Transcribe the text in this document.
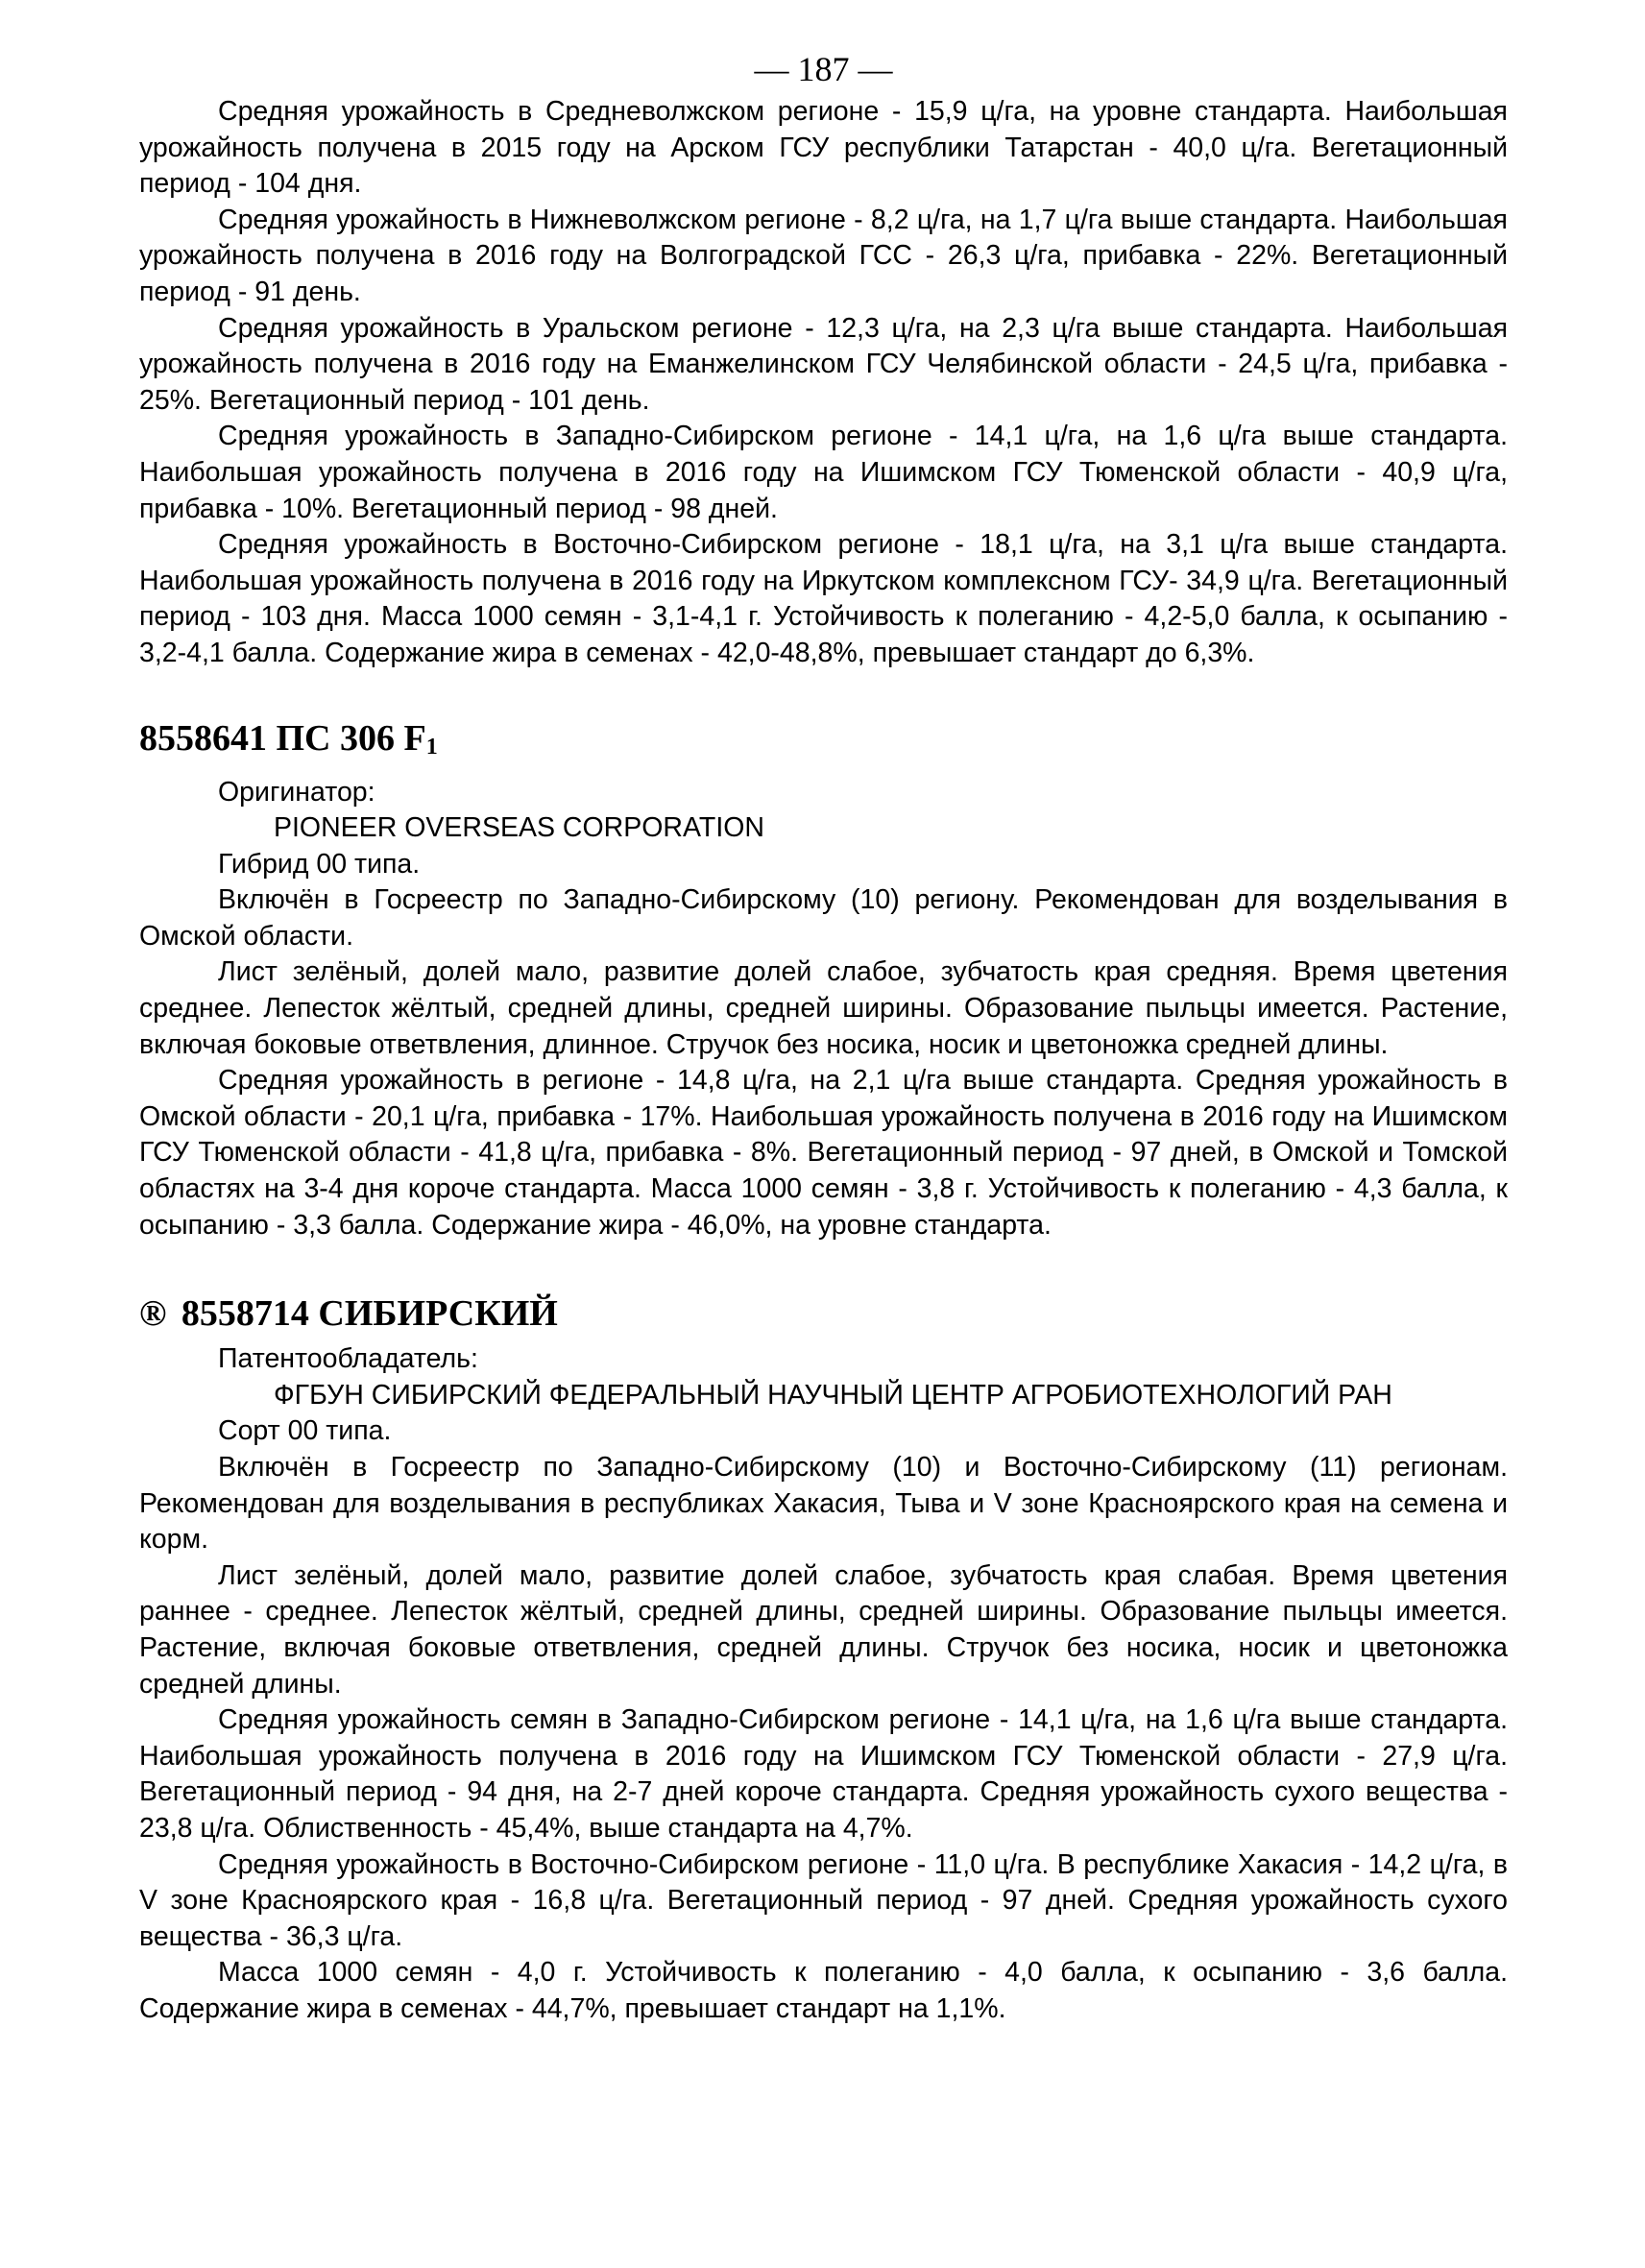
— 187 —

Средняя урожайность в Средневолжском регионе - 15,9 ц/га, на уровне стандарта. Наибольшая урожайность получена в 2015 году на Арском ГСУ республики Татарстан - 40,0 ц/га. Вегетационный период - 104 дня.

Средняя урожайность в Нижневолжском регионе - 8,2 ц/га, на 1,7 ц/га выше стандарта. Наибольшая урожайность получена в 2016 году на Волгоградской ГСС - 26,3 ц/га, прибавка - 22%. Вегетационный период - 91 день.

Средняя урожайность в Уральском регионе - 12,3 ц/га, на 2,3 ц/га выше стандарта. Наибольшая урожайность получена в 2016 году на Еманжелинском ГСУ Челябинской области - 24,5 ц/га, прибавка - 25%. Вегетационный период - 101 день.

Средняя урожайность в Западно-Сибирском регионе - 14,1 ц/га, на 1,6 ц/га выше стандарта. Наибольшая урожайность получена в 2016 году на Ишимском ГСУ Тюменской области - 40,9 ц/га, прибавка - 10%. Вегетационный период - 98 дней.

Средняя урожайность в Восточно-Сибирском регионе - 18,1 ц/га, на 3,1 ц/га выше стандарта. Наибольшая урожайность получена в 2016 году на Иркутском комплексном ГСУ- 34,9 ц/га. Вегетационный период - 103 дня. Масса 1000 семян - 3,1-4,1 г. Устойчивость к полеганию - 4,2-5,0 балла, к осыпанию - 3,2-4,1 балла. Содержание жира в семенах - 42,0-48,8%, превышает стандарт до 6,3%.

8558641 ПС 306 $F_1$

Оригинатор:

PIONEER OVERSEAS CORPORATION

Гибрид 00 типа.

Включён в Госреестр по Западно-Сибирскому (10) региону. Рекомендован для возделывания в Омской области.

Лист зелёный, долей мало, развитие долей слабое, зубчатость края средняя. Время цветения среднее. Лепесток жёлтый, средней длины, средней ширины. Образование пыльцы имеется. Растение, включая боковые ответвления, длинное. Стручок без носика, носик и цветоножка средней длины.

Средняя урожайность в регионе - 14,8 ц/га, на 2,1 ц/га выше стандарта. Средняя урожайность в Омской области - 20,1 ц/га, прибавка - 17%. Наибольшая урожайность получена в 2016 году на Ишимском ГСУ Тюменской области - 41,8 ц/га, прибавка - 8%. Вегетационный период - 97 дней, в Омской и Томской областях на 3-4 дня короче стандарта. Масса 1000 семян - 3,8 г. Устойчивость к полеганию - 4,3 балла, к осыпанию - 3,3 балла. Содержание жира - 46,0%, на уровне стандарта.

® 8558714 СИБИРСКИЙ

Патентообладатель:

ФГБУН СИБИРСКИЙ ФЕДЕРАЛЬНЫЙ НАУЧНЫЙ ЦЕНТР АГРОБИОТЕХНОЛОГИЙ РАН

Сорт 00 типа.

Включён в Госреестр по Западно-Сибирскому (10) и Восточно-Сибирскому (11) регионам. Рекомендован для возделывания в республиках Хакасия, Тыва и V зоне Красноярского края на семена и корм.

Лист зелёный, долей мало, развитие долей слабое, зубчатость края слабая. Время цветения раннее - среднее. Лепесток жёлтый, средней длины, средней ширины. Образование пыльцы имеется. Растение, включая боковые ответвления, средней длины. Стручок без носика, носик и цветоножка средней длины.

Средняя урожайность семян в Западно-Сибирском регионе - 14,1 ц/га, на 1,6 ц/га выше стандарта. Наибольшая урожайность получена в 2016 году на Ишимском ГСУ Тюменской области - 27,9 ц/га. Вегетационный период - 94 дня, на 2-7 дней короче стандарта. Средняя урожайность сухого вещества - 23,8 ц/га. Облиственность - 45,4%, выше стандарта на 4,7%.

Средняя урожайность в Восточно-Сибирском регионе - 11,0 ц/га. В республике Хакасия - 14,2 ц/га, в V зоне Красноярского края - 16,8 ц/га. Вегетационный период - 97 дней. Средняя урожайность сухого вещества - 36,3 ц/га.

Масса 1000 семян - 4,0 г. Устойчивость к полеганию - 4,0 балла, к осыпанию - 3,6 балла. Содержание жира в семенах - 44,7%, превышает стандарт на 1,1%.
